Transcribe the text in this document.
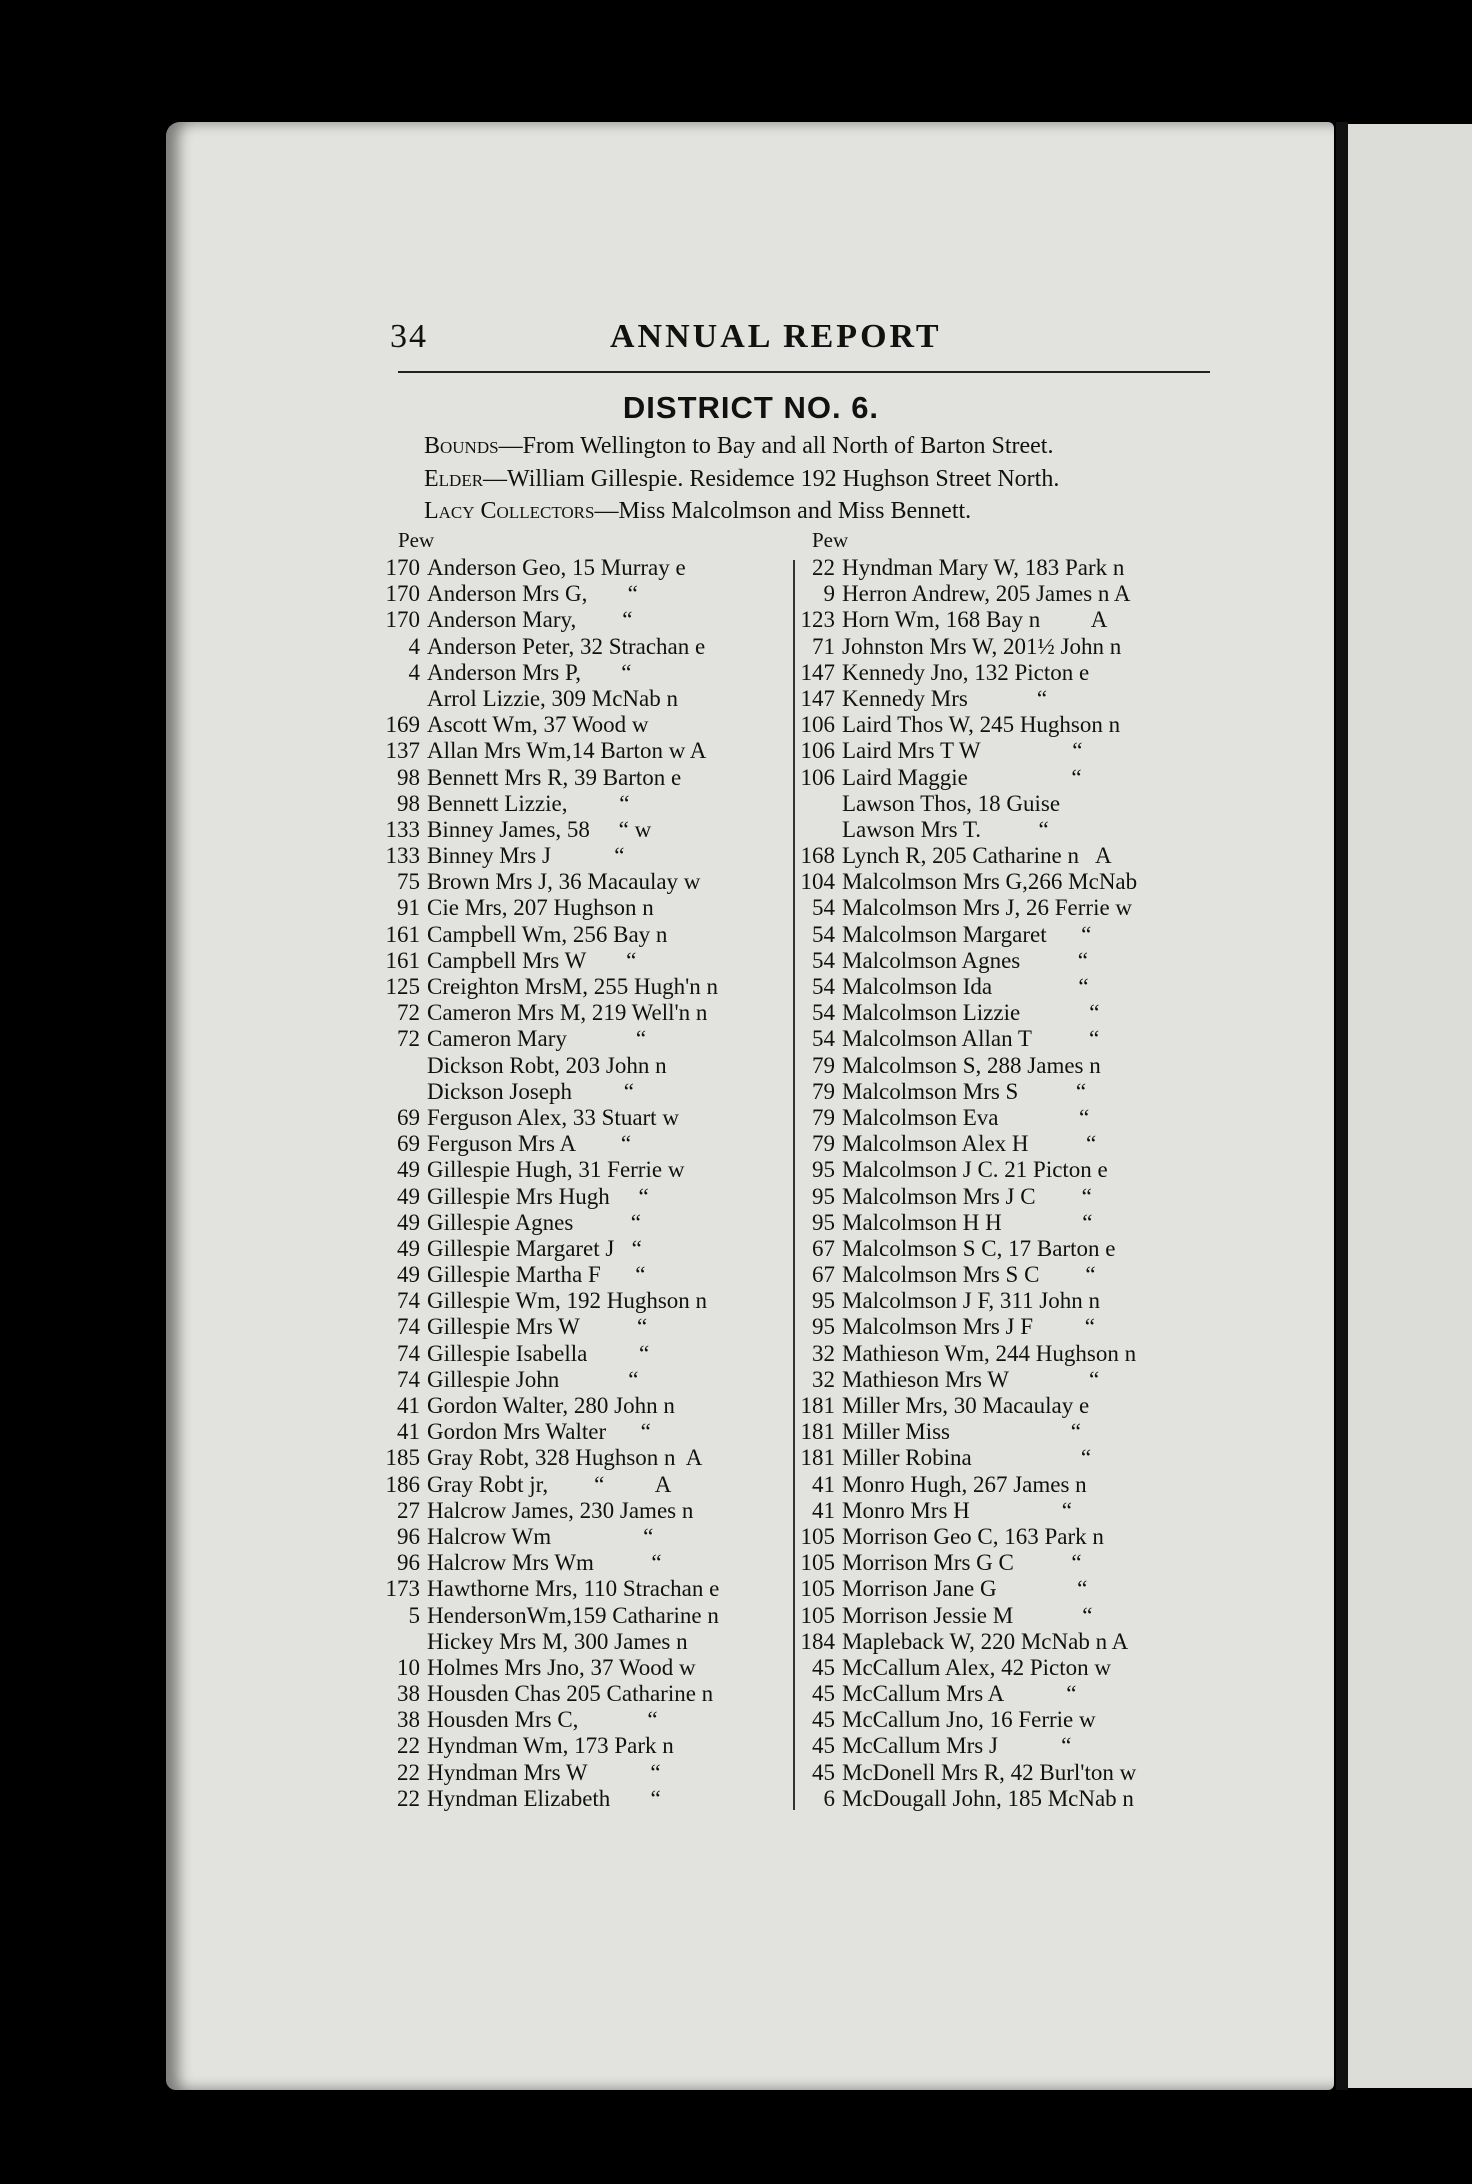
34	ANNUAL REPORT
DISTRICT NO. 6.
Bounds—From Wellington to Bay and all North of Barton Street.
Elder—William Gillespie. Residemce 192 Hughson Street North.
Lacy Collectors—Miss Malcolmson and Miss Bennett.
Pew	Pew
170 Anderson Geo, 15 Murray e
170 Anderson Mrs G,       “
170 Anderson Mary,        “
4 Anderson Peter, 32 Strachan e
4 Anderson Mrs P,       “
Arrol Lizzie, 309 McNab n
169 Ascott Wm, 37 Wood w
137 Allan Mrs Wm,14 Barton w A
98 Bennett Mrs R, 39 Barton e
98 Bennett Lizzie,         “
133 Binney James, 58     “ w
133 Binney Mrs J           “
75 Brown Mrs J, 36 Macaulay w
91 Cie Mrs, 207 Hughson n
161 Campbell Wm, 256 Bay n
161 Campbell Mrs W       “
125 Creighton MrsM, 255 Hugh'n n
72 Cameron Mrs M, 219 Well'n n
72 Cameron Mary            “
Dickson Robt, 203 John n
Dickson Joseph         “
69 Ferguson Alex, 33 Stuart w
69 Ferguson Mrs A        “
49 Gillespie Hugh, 31 Ferrie w
49 Gillespie Mrs Hugh     “
49 Gillespie Agnes          “
49 Gillespie Margaret J   “
49 Gillespie Martha F      “
74 Gillespie Wm, 192 Hughson n
74 Gillespie Mrs W          “
74 Gillespie Isabella         “
74 Gillespie John            “
41 Gordon Walter, 280 John n
41 Gordon Mrs Walter      “
185 Gray Robt, 328 Hughson n  A
186 Gray Robt jr,        “         A
27 Halcrow James, 230 James n
96 Halcrow Wm                “
96 Halcrow Mrs Wm          “
173 Hawthorne Mrs, 110 Strachan e
5 HendersonWm,159 Catharine n
Hickey Mrs M, 300 James n
10 Holmes Mrs Jno, 37 Wood w
38 Housden Chas 205 Catharine n
38 Housden Mrs C,            “
22 Hyndman Wm, 173 Park n
22 Hyndman Mrs W           “
22 Hyndman Elizabeth       “
22 Hyndman Mary W, 183 Park n
9 Herron Andrew, 205 James n A
123 Horn Wm, 168 Bay n         A
71 Johnston Mrs W, 201½ John n
147 Kennedy Jno, 132 Picton e
147 Kennedy Mrs            “
106 Laird Thos W, 245 Hughson n
106 Laird Mrs T W                “
106 Laird Maggie                  “
Lawson Thos, 18 Guise
Lawson Mrs T.          “
168 Lynch R, 205 Catharine n   A
104 Malcolmson Mrs G,266 McNab
54 Malcolmson Mrs J, 26 Ferrie w
54 Malcolmson Margaret      “
54 Malcolmson Agnes          “
54 Malcolmson Ida               “
54 Malcolmson Lizzie            “
54 Malcolmson Allan T          “
79 Malcolmson S, 288 James n
79 Malcolmson Mrs S          “
79 Malcolmson Eva              “
79 Malcolmson Alex H          “
95 Malcolmson J C. 21 Picton e
95 Malcolmson Mrs J C        “
95 Malcolmson H H              “
67 Malcolmson S C, 17 Barton e
67 Malcolmson Mrs S C        “
95 Malcolmson J F, 311 John n
95 Malcolmson Mrs J F         “
32 Mathieson Wm, 244 Hughson n
32 Mathieson Mrs W              “
181 Miller Mrs, 30 Macaulay e
181 Miller Miss                     “
181 Miller Robina                   “
41 Monro Hugh, 267 James n
41 Monro Mrs H                “
105 Morrison Geo C, 163 Park n
105 Morrison Mrs G C          “
105 Morrison Jane G              “
105 Morrison Jessie M            “
184 Mapleback W, 220 McNab n A
45 McCallum Alex, 42 Picton w
45 McCallum Mrs A           “
45 McCallum Jno, 16 Ferrie w
45 McCallum Mrs J           “
45 McDonell Mrs R, 42 Burl'ton w
6 McDougall John, 185 McNab n
